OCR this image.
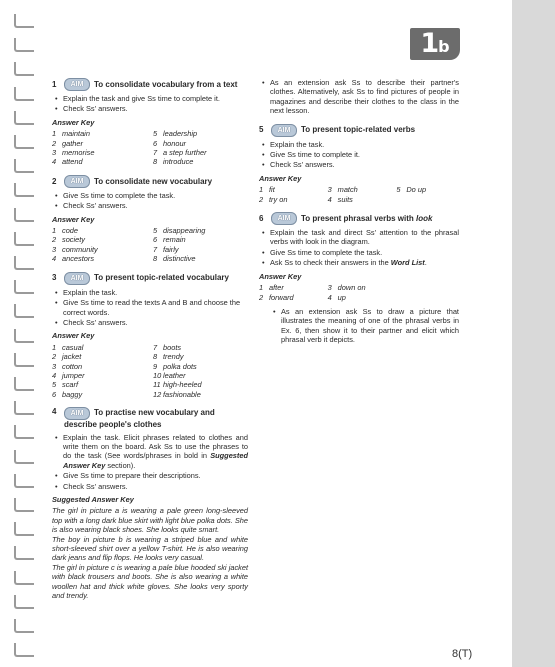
1b
1	AIM	To consolidate vocabulary from a text
• Explain the task and give Ss time to complete it.
• Check Ss' answers.
Answer Key
1 maintain	5 leadership
2 gather	6 honour
3 memorise	7 a step further
4 attend	8 introduce
2	AIM	To consolidate new vocabulary
• Give Ss time to complete the task.
• Check Ss' answers.
Answer Key
1 code	5 disappearing
2 society	6 remain
3 community	7 fairly
4 ancestors	8 distinctive
3	AIM	To present topic-related vocabulary
• Explain the task.
• Give Ss time to read the texts A and B and choose the correct words.
• Check Ss' answers.
Answer Key
1 casual	7 boots
2 jacket	8 trendy
3 cotton	9 polka dots
4 jumper	10 leather
5 scarf	11 high-heeled
6 baggy	12 fashionable
4	AIM To practise new vocabulary and describe people's clothes
• Explain the task. Elicit phrases related to clothes and write them on the board. Ask Ss to use the phrases to do the task (See words/phrases in bold in Suggested Answer Key section).
• Give Ss time to prepare their descriptions.
• Check Ss' answers.
Suggested Answer Key
The girl in picture a is wearing a pale green long-sleeved top with a long dark blue skirt with light blue polka dots. She is also wearing black shoes. She looks quite smart.
The boy in picture b is wearing a striped blue and white short-sleeved shirt over a yellow T-shirt. He is also wearing dark jeans and flip flops. He looks very casual.
The girl in picture c is wearing a pale blue hooded ski jacket with black trousers and boots. She is also wearing a white woollen hat and thick white gloves. She looks very sporty and trendy.
• As an extension ask Ss to describe their partner's clothes. Alternatively, ask Ss to find pictures of people in magazines and describe their clothes to the class in the next lesson.
5	AIM	To present topic-related verbs
• Explain the task.
• Give Ss time to complete it.
• Check Ss' answers.
Answer Key
1 fit	3 match	5 Do up
2 try on	4 suits
6	AIM	To present phrasal verbs with look
• Explain the task and direct Ss' attention to the phrasal verbs with look in the diagram.
• Give Ss time to complete the task.
• Ask Ss to check their answers in the Word List.
Answer Key
1 after	3 down on
2 forward	4 up
• As an extension ask Ss to draw a picture that illustrates the meaning of one of the phrasal verbs in Ex. 6, then show it to their partner and elicit which phrasal verb it depicts.
8(T)
